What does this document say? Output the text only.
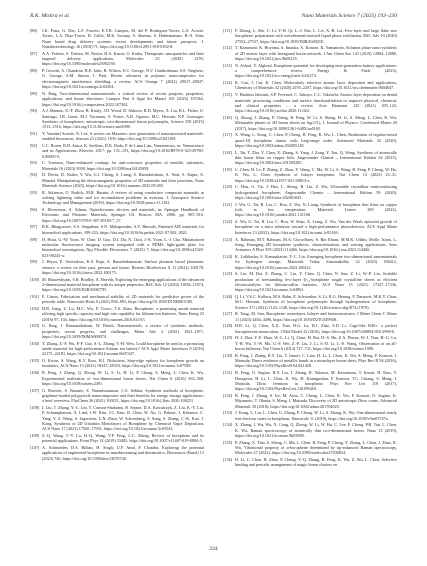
R.K. Mishra et al.	Nano Materials Science 7 (2025) 193–230
[86] J.K. Patra, G. Das, L.F. Fraceto, E.V.R. Campos, M. del P. Rodriguez-Torres, L.S. Acosta-Torres, L.A. Diaz-Torres, R. Grillo, M.K. Swamy, S. Sharma, S. Habtemariam, H.-S. Shin, Nano based drug delivery systems: recent developments and future prospects, J. Nanobiotechnology 16 (2018) 71, https://doi.org/10.1186/s12951-018-0392-8.
[87] A.A. Yetisen, S. Yetisen, M. Nestor, H.A. Kassir, O. Kutka, Therapeutic nanoparticles and their targeted delivery applications, Molecules 25 (2020) 2193, https://doi.org/10.3390/molecules25092193.
[88] P. Gewein, A. Chandran, R.E. John, R. Wilson, E.C. George, N.V. Unnikrishnan, S.S. Varghese, G. George, S.M. Simon, I. Paul, Recent advances in polymer nanocomposites for electromagnetic interference shielding: a review, ACS Omega 7 (2022) 29017–29047, https://doi.org/10.1021/acsomega.2c02504.
[89] N. Baig, Two-dimensional nanomaterials: a critical review of recent progress, properties, applications, and future directions, Compos Part A Appl Sci Manuf 165 (2023) 107362, https://doi.org/10.1016/j.compositesa.2022.107362.
[90] A.J. Mannix, X.-F. Zhou, B. Kiraly, J.D. Wood, D. Alducin, B.D. Myers, X. Liu, B.L. Fisher, U. Santiago, J.R. Guest, M.J. Yacaman, A. Ponce, A.R. Oganov, M.C. Hersam, N.P. Guisinger, Synthesis of borophenes: anisotropic, two-dimensional boron polymorphs, Science 350 (2015) 1513–1516, https://doi.org/10.1126/science.aad1080.
[91] Y. Varadarl Suresh, N. Lee, A review on Maxenes: new generation of nanostructured materials-enabled biosensors, Sensors 21 (2021) 1109, https://doi.org/10.3390/s21041109.
[92] C.C. Boren, R.H. Anica, K. Steffens, D.K. Deda, P. de Lima Lins, Nanosensors, in: Nanoscience and its Applications, Elsevier, 2017: pp. 131–153, https://doi.org/10.1016/B978-0-323-49780-0.00005-5.
[93] C. Ivarsson, Nano-enhanced coatings for anti-corrosion properties of metallic substrates, Materials 16 (2023) 5058, https://doi.org/10.3390/ma16145058.
[94] D. Devin, D. Nailer, Y. Wu, G.J. Cheng, S. Liang, S. Ramakrishnan, A. Neal, S. Kapta, A. Mandal, Manipulating the electromagnetic properties of 2D materials and their junctions, Nano Materials Science (2025), https://doi.org/10.1016/j.nanoms.2025.09.003.
[95] R. Atkinson, O. Rodick, M.R. Hasnin, A review of using conductive composite materials in solving lightning strike and ice accumulation problems in aviation, J. Aerospace Science Technology and Management (2019), https://doi.org/10.5028/jatm.v11.1102.
[96] S. Devereaux, A. Adams, Optoelectronic devices and materials, in: Springer Handbook of Electronic and Photonic Materials, Springer US, Boston, MA, 2006, pp. 887–916, https://doi.org/10.1007/978-0-387-29185-7_37.
[97] B.K. Bhagyasree, S.S. Singathan, S.N. Mahapondan, S.V. Bhosale, Patented AIE materials for biomedical applications, 199-223, https://doi.org/10.1016/bs.pmbts.2021.07.002, 2021.
[98] H. Hirai, G.-W. Yoon, W. Chae, D. Guo, D.J. Du, N. Choi, J.-E. Yoon, L.-J. Cha, Miniaturized molecular fluorescence imaging system integrated with a PDMS light-guide plate for biomedical investigation, Npj Flexible Electronics 7 (2023) 7, https://doi.org/10.1038/s41528-023-00243-w.
[99] J. Hryza, E. Sirvisuleas, K.S. Raju, A. Ramalinkumaran, Surface plasmon based plasmonic sensors: a review on their past, present and future, Biosens Bioelectron X 11 (2022) 100178, https://doi.org/10.1016/j.biosx.2022.100175.
[100] M. Bhaweshyam, S.R. Bradley, A. Havesh, Exploring the emerging applications of the advanced 2-dimensional material borophene with its unique properties, RSC Adv 12 (2022) 11836–11874, https://doi.org/10.1039/D2RA00677D.
[101] F. Cinzia, Fabrication and mechanical stability of 2D materials for predictive power of the periodic table, Nanoscale Horiz 6 (2021) 856–892, https://doi.org/10.1039/D1NH00113B.
[102] H.B. Jiang, Z. Lu, M.C. Wu, F. Ciucci, T.S. Zhao, Borophene: a promising anode material offering high specific capacity and high rate capability for lithium-ion batteries, Nano Energ 23 (2016) 97–104, https://doi.org/10.1016/j.nanoen.2016.03.013.
[103] G. Raig, J. Ramanathakam, W. Palath, Nanomaterials: a review of synthesis methods, properties, recent progress, and challenges, Mater Adv 2 (2021) 1821–1871, https://doi.org/10.1039/D0MA00807A.
[104] Y. Zhang, Z.-F. Wu, P.-F. Gao, S.-L. Zhang, Y.-H. Wen, Could borophene be used as a promising anode material for high-performance lithium ion battery? ACS Appl Mater Interfaces 8 (2016) 22175–22181, https://doi.org/10.1021/acsami.6b07447.
[105] O. Kwon, S. Wang, K.V. Ross, R.J. Nicholson, Step-edge epitaxy for borophene growth on insulators, ACS Nano 13 (2021) 18347–18353, https://doi.org/10.1021/acsnano.1c07589.
[106] R. Peng, J. Zhang, Q. Zhong, W. Li, S. Li, H. Li, P. Cheng, S. Meng, L. Chen, K. Wu, Experimental realization of two-dimensional boron sheets, Nat Chem 8 (2016) 563–568, https://doi.org/10.1038/nchem.2491.
[107] G. Rouvier, S. Baraniv, S. Nazenbuzaanan, C.S. Sekhar, Synthesis methods of borophene, graphene-loaded polypyrrole nanocomposites and their benefits for energy storage applications: a brief overview, FlatChem 26 (2021) 100251, https://doi.org/10.1016/j.flatc.2020.100251.
[108] I. Liu, T. Zhang, Y.-C. Lin, T. Conson-Shakuma, B. Sepser, D.A. Kowalczyk, Z. Liu, K.-Y. Liu, P. Schumphatsen, A. Lind, J.W. Kim, J.C. Kim, B. Chen, W. Xu, G. Palmer, J. Kabanov, C. Yang, Y. Z. Wang, S. Jagerstein, L.N. Zhou, W. Schoenberg, S. Song, S. Zhang, C.-K. Kuo, J. Kong, Synthesis of 2D Ultrathin Monolayers of Borophene by Chemical Vapor Deposition, ACS Nano 17 (2023) 17920–17931, https://doi.org/10.1021/acsnano.3c03543.
[109] Z.-Q. Wang, T.-Y. Lu, H.-Q. Wang, Y.P. Feng, J.-C. Zheng, Review of borophene and its potential applications, Front Phys 14 (2019) 33403, https://doi.org/10.1007/s11467-019-0884-5.
[110] A. Schmieden, D.S. Bilbao, H. Singh, U.F. Amd, P. Chandra, Exploring the potential applications of engineered borophene in nanobiosensing and theranostics, Biosensors (Basel) 13 (2023) 740, https://doi.org/10.3390/bios13070740.
[111] F. Zhong, L. She, C. Li, Y.-B. Qi, L.-J. Fan, L. Lei, X.-B. Lei, Few-layer and large flake size borophene: preparation with solvothermal-assisted liquid phase exfoliation, RSC Adv 10 (2020) 27532–27537, https://doi.org/10.1039/D0RA04921E.
[112] T. Kazumoto, K. Hoyama, S. Imaoka, A. Konose, K. Yamamoto, Solution phase nano synthesis of 2D atomic layer with hexagonal boron network, J Am Chem Soc 141 (2019) 12884–12886, https://doi.org/10.1021/jacs.9b06125.
[113] N. Ashraf, Y. Alghoul, Borophene-potential for developing next-generation battery applications: a comprehensive review, Energy & Fuels (2023), https://doi.org/10.1021/acs.energyfuels.3c02273.
[114] K. Cao, J. Cui, K. Chen, Molecularly selective atomic layer deposition and applications, Chemistry of Materials 32 (2020) 2195–2207, https://doi.org/10.1021/acs.chemmater.9b04647.
[115] V. Hashimi Jahromi, S.P. Fevrasel, C. Sakuyo, C.C. Takeuchi, Atomic layer deposition on dental materials: processing conditions and surface functionalization to improve physical, chemical, and clinical properties – a review, Acta Biomater 123 (2021) 109–123, https://doi.org/10.1016/j.actbio.2020.11.024.
[116] Q. Zhong, J. Zhang, P. Cheng, B. Feng, W. Li, S. Sheng, H. Li, S. Meng, L. Chen, K. Wu, Metastable phases of 2D boron sheets on Ag(111), J. Journal of Physics: Condensed Matter 29 (2017), https://doi.org/10.1088/1361-648X/aa5165.
[117] X. Wang, L. Kong, C. Chen, P. Cheng, B. Feng, K. Wu, L. Chen, Realization of regular-mixed quasi-1D borophene chains with long-range order, Advanced Materials 32 (2020), https://doi.org/10.1002/adma.202005128.
[118] L. Tai, T. Zhu, Y. Chen, X. Zhang, S. Yang, J. Zong, Y. Tou, Q. Wang, Synthesis of atomically thin boron films on copper foils, Angewandte Chemie – International Edition 54 (2015), https://doi.org/10.1002/anie.201509285.
[119] C. Chen, H. Lv, P. Zhang, Z. Zhou, Y. Wang, C. Ma, W. Li, S. Wang, B. Feng, P. Cheng, W. Ho, K. Wu, L. Chen, Synthesis of bilayer borophene, Nat Chem 14 (2022) 25–31, https://doi.org/10.1038/s41557-021-00813-z.
[120] C. Hou, G. Tai, J. Hao, L. Sheng, B. Liu, Z. Wu, Ultrastable crystalline semiconducting hydrogenated borophene, Angewandte Chemie – International Edition 59 (2020), https://doi.org/10.1002/anie.202001045.
[121] J. Wu, G. Tai, R. Liu, C. Hou, Z. Wu, N. Liang, Synthesis of borophene thin films on copper foils at low temperature, Materials Letters 305 (2022), https://doi.org/10.1016/j.matlet.2021.131166.
[122] Z. Wu, G. Tai, R. Liu, C. Hou, W. Shao, X. Liang, Z. Wu, Van der Waals epitaxial growth of borophene on a mica substrate toward a high-performance photodetector, ACS Appl Mater Interfaces 13 (2021), https://doi.org/10.1021/acsami.1c05146.
[123] A. Rahman, M.T. Rahman, M.A. Chowdhury, S. Bin Ehsan, M.M.K. Uddin, Molle, Islam, L. Song, Emerging 2D borophene synthesis, characterization, and sensing applications, Sens Actuators A Phys 359 (2023) 114466, https://doi.org/10.1016/j.sna.2023.114466.
[124] K. Lalithesha, S. Karunakaran, T.-C. Lin, Emerging borophene two-dimensional nanomaterials for hydrogen storage, Materials Today Sustainability 22 (2023) 100412, https://doi.org/10.1016/j.mtsust.2023.100412.
[125] S. Liu, M. Bai, Z. Zhang, C. Liu, Y. Chen, Q. Chen, N. Sun, Z. Li, W.-P. Lin, Scalable production of freestanding few-layer β-₁₂-borophene single crystalline sheets as efficient electrocatalysts for lithium-sulfur batteries, ACS Nano 15 (2021) 17327–17336, https://doi.org/10.1021/acsnano.1c04961.
[126] Q. Li, V.S.C. Kolluru, M.S. Rahn, E. Schwenker, S. Li, R.G. Hennig, P. Darancet, M.K.Y. Chan, M.C. Hersam, Synthesis of borophene polymorphs through hydrogenation of borophene, Science 371 (2021) 1143–1148, https://doi.org/10.1126/science.abg1874 (1979).
[127] R. Yang, M. Sun, Borophene: monolayer, bilayer and heterostructures, J Mater Chem C Mater 11 (2023) 4484–4496, https://doi.org/10.1039/D2TC04994K.
[128] H.R. Li, Q. Chen, X.X. Tian, H.G. Lu, H.J. Zhai, S.D. Li, Cage-like B40+: a perfect borospherene monocation, J Mol Model 22 (2016), https://doi.org/10.1007/s00894-016-2990-6.
[129] H.-J. Zhai, Y.-F. Zhao, W.-L. Li, Q. Chen, H. Bai, H.-S. Hu, Z.A. Piazza, W.-J. Tian, H.-G. Lu, Y.-B. Wu, Y.-W. Mu, G.-F. Wei, Z.-P. Liu, J. Li, S.-D. Li, L.-S. Wang, Observation of an all-boron fullerene, Nat Chem 6 (2014) 727–731, https://doi.org/10.1038/nchem.1999.
[130] B. Feng, J. Zhang, R.Y. Liu, T. Iimori, C. Lian, H. Li, L. Chen, K. Wu, S. Meng, F. Komori, I. Matsuda, Direct evidence of metallic bands in a monolayer boron sheet, Phys Rev B 94 (2016), https://doi.org/10.1103/PhysRevB.94.041408.
[131] B. Feng, O. Sugino, R.Y. Liu, J. Zhang, R. Yukawa, M. Kawamura, T. Iimori, H. Kim, Y. Hasegawa, H. Li, L. Chen, K. Wu, H. Kumigashira, F. Komori, T.C. Chiang, S. Meng, I. Matsuda, Dirac fermions in borophene, Phys Rev Lett 118 (2017), https://doi.org/10.1103/PhysRevLett.118.096401.
[132] B. Feng, J. Zhang, S. Ito, M. Arita, C. Cheng, L. Chen, K. Wu, F. Komori, O. Sugino, K. Miyamoto, T. Okuda, S. Meng, I. Matsuda, Discovery of 2D anisotropic Dirac cones, Advanced Materials 30 (2018), https://doi.org/10.1002/adma.201704025.
[133] J. Kong, L. Liu, L. Chen, G. Zhang, P. Cheng, W. Li, S. Zhang, K. Wu, One-dimensional nearly free electron states in borophene, Nanoscale 11 (2019), https://doi.org/10.1039/c9nr03747a.
[134] X. Zhang, J. Wu, Wu, X. Cong, Q. Zhong, W. Li, W. Hu, C. Lee, P. Cheng, P.H. Tan, L. Chen, K. Wu, Raman spectroscopy of atomically thin two-dimensional boron, Nano 13 (2019), https://doi.org/10.1021/acsnano.9b03989.
[135] P. Zhang, X. Tian, S. Sheng, C. Ma, L. Chen, B. Feng, P. Cheng, Y. Zhang, L. Chen, J. Zhao, K. Wu, Vibrational property of α-borophene determined by tip-enhanced Raman spectroscopy, Molecules 27 (2022), https://doi.org/10.3390/molecules27030834.
[136] H. Li, C. Chen, H. Zhao, P. Cheng, Y.-Q. Zhang, B. Feng, K. Wu, Z. Wu, L. Chen, Selective binding and periodic arrangement of magic boron clusters on
224
